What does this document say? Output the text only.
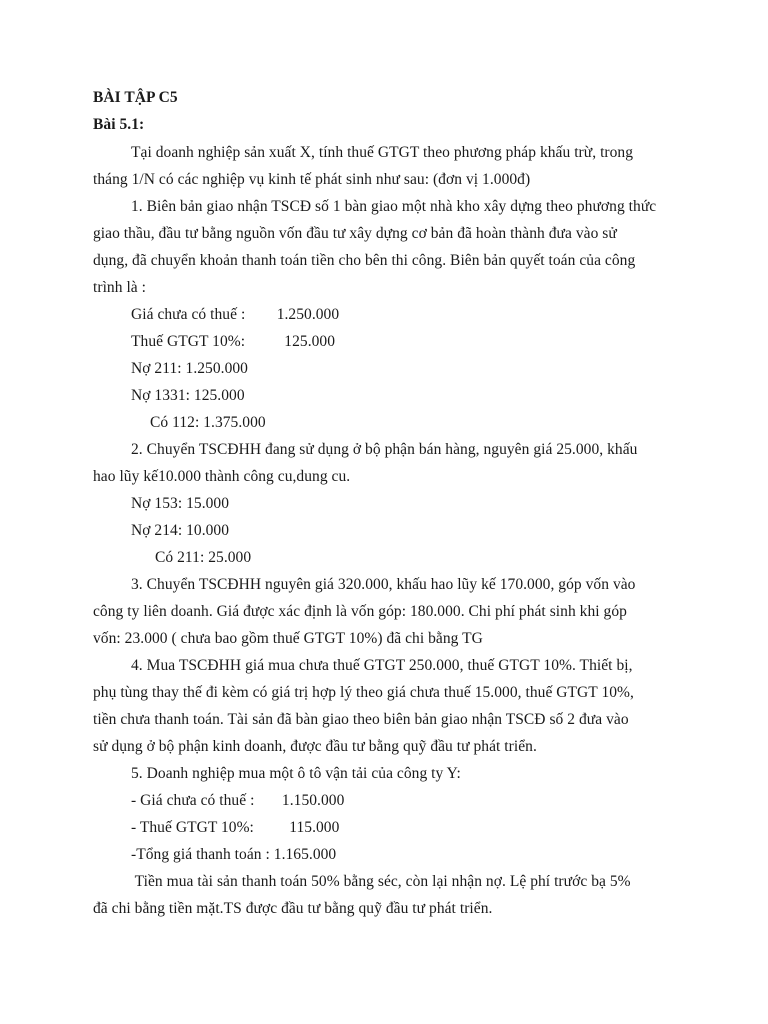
BÀI TẬP C5
Bài 5.1:
Tại doanh nghiệp sản xuất X, tính thuế GTGT theo phương pháp khấu trừ, trong
tháng 1/N có các nghiệp vụ kinh tế phát sinh như sau: (đơn vị 1.000đ)
1. Biên bản giao nhận TSCĐ số 1 bàn giao một nhà kho xây dựng theo phương thức
giao thầu, đầu tư bằng nguồn vốn đầu tư xây dựng cơ bản đã hoàn thành đưa vào sử
dụng, đã chuyển khoản thanh toán tiền cho bên thi công. Biên bản quyết toán của công
trình là :
Giá chưa có thuế :        1.250.000
Thuế GTGT 10%:          125.000
Nợ 211: 1.250.000
Nợ 1331: 125.000
Có 112: 1.375.000
2. Chuyển TSCĐHH đang sử dụng ở bộ phận bán hàng, nguyên giá 25.000, khấu
hao lũy kế10.000 thành công cu,dung cu.
Nợ 153: 15.000
Nợ 214: 10.000
Có 211: 25.000
3. Chuyển TSCĐHH nguyên giá 320.000, khấu hao lũy kế 170.000, góp vốn vào
công ty liên doanh. Giá được xác định là vốn góp: 180.000. Chi phí phát sinh khi góp
vốn: 23.000 ( chưa bao gồm thuế GTGT 10%) đã chi bằng TG
4. Mua TSCĐHH giá mua chưa thuế GTGT 250.000, thuế GTGT 10%. Thiết bị,
phụ tùng thay thế đi kèm có giá trị hợp lý theo giá chưa thuế 15.000, thuế GTGT 10%,
tiền chưa thanh toán. Tài sản đã bàn giao theo biên bản giao nhận TSCĐ số 2 đưa vào
sử dụng ở bộ phận kinh doanh, được đầu tư bằng quỹ đầu tư phát triển.
5. Doanh nghiệp mua một ô tô vận tải của công ty Y:
- Giá chưa có thuế :       1.150.000
- Thuế GTGT 10%:         115.000
-Tổng giá thanh toán : 1.165.000
Tiền mua tài sản thanh toán 50% bằng séc, còn lại nhận nợ. Lệ phí trước bạ 5%
đã chi bằng tiền mặt.TS được đầu tư bằng quỹ đầu tư phát triển.
